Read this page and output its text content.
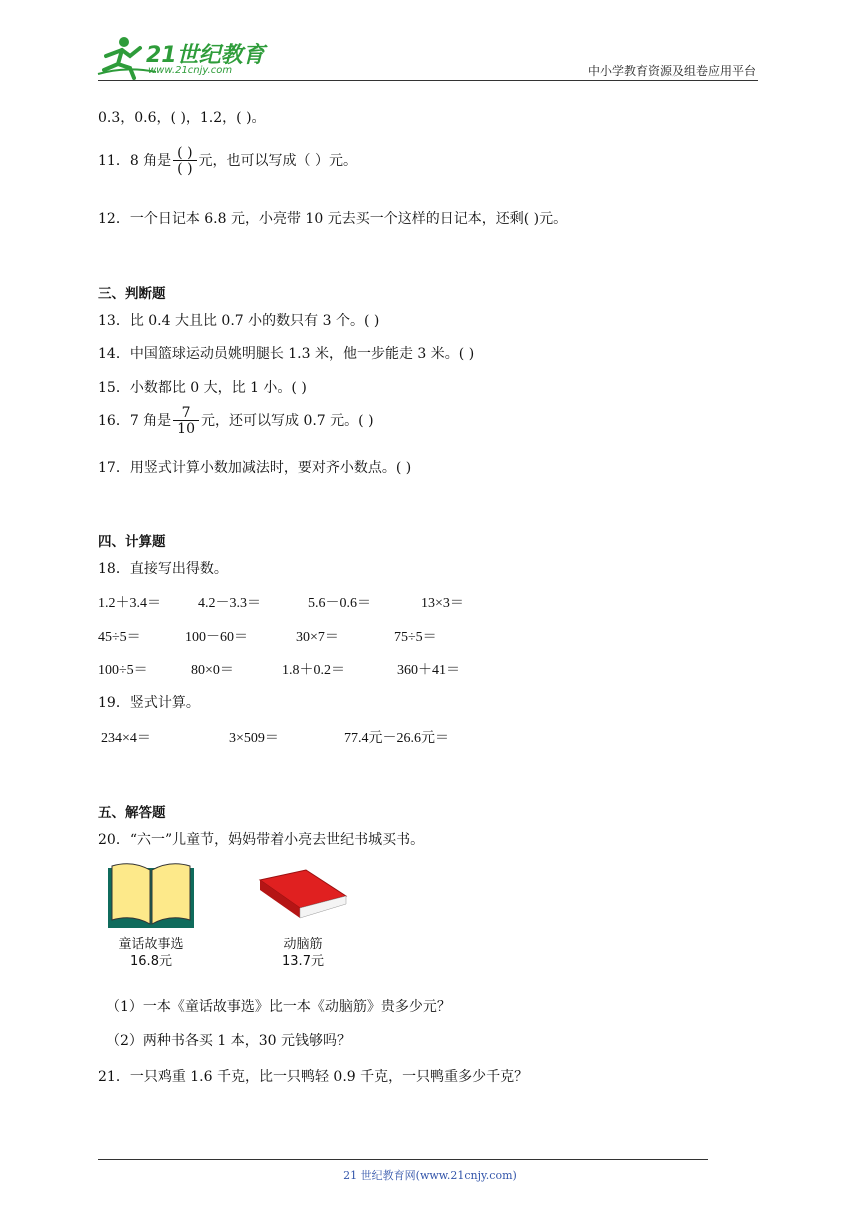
21世纪教育
www.21cnjy.com	中小学教育资源及组卷应用平台
0.3，0.6，( )，1.2，( )。
11．8 角是 $\frac{( )}{( )}$ 元，也可以写成（ ）元。
12．一个日记本 6.8 元，小亮带 10 元去买一个这样的日记本，还剩( )元。
三、判断题
13．比 0.4 大且比 0.7 小的数只有 3 个。( )
14．中国篮球运动员姚明腿长 1.3 米，他一步能走 3 米。( )
15．小数都比 0 大，比 1 小。( )
16．7 角是 $\frac{7}{10}$ 元，还可以写成 0.7 元。( )
17．用竖式计算小数加减法时，要对齐小数点。( )
四、计算题
18．直接写出得数。
1.2＋3.4＝	4.2－3.3＝	5.6－0.6＝	13×3＝
45÷5＝	100－60＝	30×7＝	75÷5＝
100÷5＝	80×0＝	1.8＋0.2＝	360＋41＝
19．竖式计算。
234×4＝	3×509＝	77.4元－26.6元＝
五、解答题
20．“六一”儿童节，妈妈带着小亮去世纪书城买书。
童话故事选
16.8元
动脑筋
13.7元
（1）一本《童话故事选》比一本《动脑筋》贵多少元？
（2）两种书各买 1 本，30 元钱够吗？
21．一只鸡重 1.6 千克，比一只鸭轻 0.9 千克，一只鸭重多少千克？
21 世纪教育网(www.21cnjy.com)
